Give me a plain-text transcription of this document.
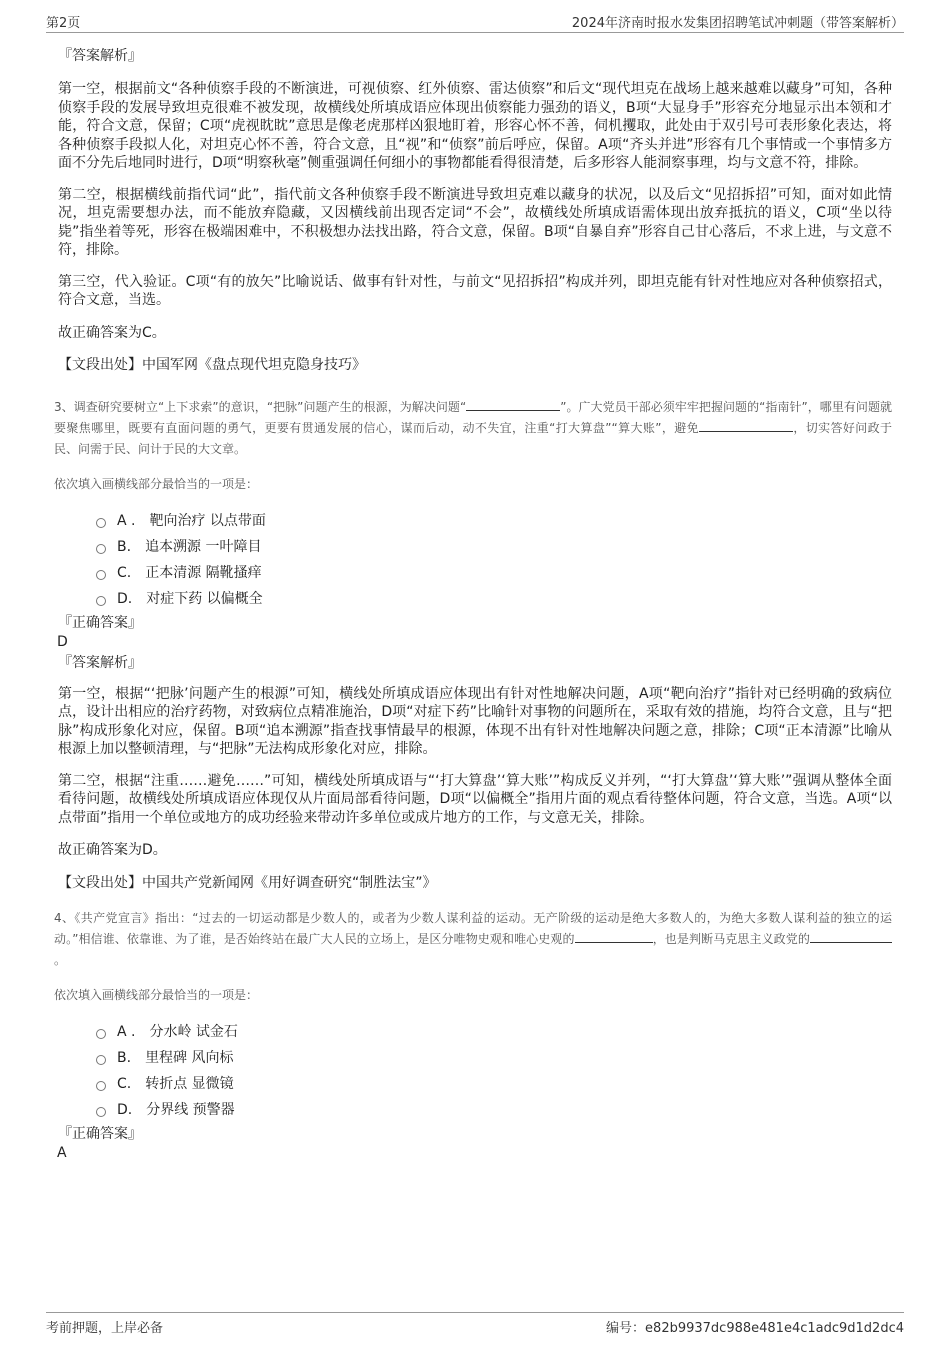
第2页	2024年济南时报水发集团招聘笔试冲刺题（带答案解析）
『答案解析』

第一空，根据前文“各种侦察手段的不断演进，可视侦察、红外侦察、雷达侦察”和后文“现代坦克在战场上越来越难以藏身”可知，各种侦察手段的发展导致坦克很难不被发现，故横线处所填成语应体现出侦察能力强劲的语义，B项“大显身手”形容充分地显示出本领和才能，符合文意，保留；C项“虎视眈眈”意思是像老虎那样凶狠地盯着，形容心怀不善，伺机攫取，此处由于双引号可表形象化表达，将各种侦察手段拟人化，对坦克心怀不善，符合文意，且“视”和“侦察”前后呼应，保留。A项“齐头并进”形容有几个事情或一个事情多方面不分先后地同时进行，D项“明察秋毫”侧重强调任何细小的事物都能看得很清楚，后多形容人能洞察事理，均与文意不符，排除。

第二空，根据横线前指代词“此”，指代前文各种侦察手段不断演进导致坦克难以藏身的状况，以及后文“见招拆招”可知，面对如此情况，坦克需要想办法，而不能放弃隐藏，又因横线前出现否定词“不会”，故横线处所填成语需体现出放弃抵抗的语义，C项“坐以待毙”指坐着等死，形容在极端困难中，不积极想办法找出路，符合文意，保留。B项“自暴自弃”形容自己甘心落后，不求上进，与文意不符，排除。

第三空，代入验证。C项“有的放矢”比喻说话、做事有针对性，与前文“见招拆招”构成并列，即坦克能有针对性地应对各种侦察招式，符合文意，当选。

故正确答案为C。

【文段出处】中国军网《盘点现代坦克隐身技巧》

3、调查研究要树立“上下求索”的意识，“把脉”问题产生的根源，为解决问题“	”。广大党员干部必须牢牢把握问题的“指南针”，哪里有问题就要聚焦哪里，既要有直面问题的勇气，更要有贯通发展的信心，谋而后动，动不失宜，注重“打大算盘”“算大账”，避免	，切实答好问政于民、问需于民、问计于民的大文章。

依次填入画横线部分最恰当的一项是：
A . 靶向治疗 以点带面
B. 追本溯源 一叶障目
C. 正本清源 隔靴搔痒
D. 对症下药 以偏概全
『正确答案』
D
『答案解析』

第一空，根据“‘把脉’问题产生的根源”可知，横线处所填成语应体现出有针对性地解决问题，A项“靶向治疗”指针对已经明确的致病位点，设计出相应的治疗药物，对致病位点精准施治，D项“对症下药”比喻针对事物的问题所在，采取有效的措施，均符合文意，且与“把脉”构成形象化对应，保留。B项“追本溯源”指查找事情最早的根源，体现不出有针对性地解决问题之意，排除；C项“正本清源”比喻从根源上加以整顿清理，与“把脉”无法构成形象化对应，排除。

第二空，根据“注重……避免……”可知，横线处所填成语与“‘打大算盘’‘算大账’”构成反义并列，“‘打大算盘’‘算大账’”强调从整体全面看待问题，故横线处所填成语应体现仅从片面局部看待问题，D项“以偏概全”指用片面的观点看待整体问题，符合文意，当选。A项“以点带面”指用一个单位或地方的成功经验来带动许多单位或成片地方的工作，与文意无关，排除。

故正确答案为D。

【文段出处】中国共产党新闻网《用好调查研究“制胜法宝”》

4、《共产党宣言》指出：“过去的一切运动都是少数人的，或者为少数人谋利益的运动。无产阶级的运动是绝大多数人的，为绝大多数人谋利益的独立的运动。”相信谁、依靠谁、为了谁，是否始终站在最广大人民的立场上，是区分唯物史观和唯心史观的	，也是判断马克思主义政党的。

依次填入画横线部分最恰当的一项是：
A . 分水岭 试金石
B. 里程碑 风向标
C. 转折点 显微镜
D. 分界线 预警器
『正确答案』
A
考前押题，上岸必备	编号：e82b9937dc988e481e4c1adc9d1d2dc4
